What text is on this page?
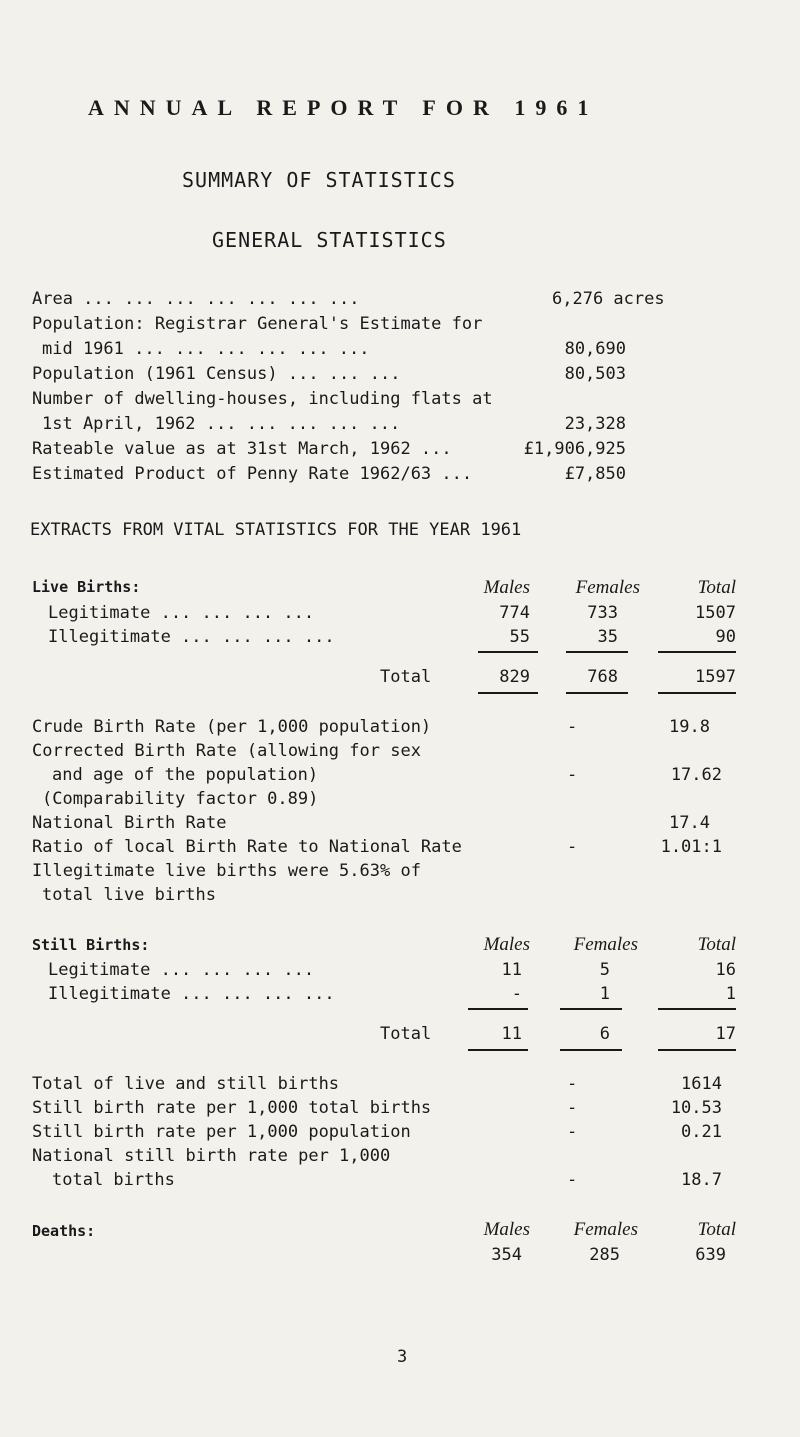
ANNUAL REPORT FOR 1961
SUMMARY OF STATISTICS
GENERAL STATISTICS
Area ... ... ... ... ... ... ...	6,276 acres
Population: Registrar General's Estimate for
mid 1961 ... ... ... ... ... ...	80,690
Population (1961 Census) ... ... ...	80,503
Number of dwelling-houses, including flats at
1st April, 1962 ... ... ... ... ...	23,328
Rateable value as at 31st March, 1962 ...	£1,906,925
Estimated Product of Penny Rate 1962/63 ...	£7,850
EXTRACTS FROM VITAL STATISTICS FOR THE YEAR 1961
Live Births:	Males	Females	Total
Legitimate ... ... ... ...	774	733	1507
Illegitimate ... ... ... ...	55	35	90
Total	829	768	1597
Crude Birth Rate (per 1,000 population)	-	19.8
Corrected Birth Rate (allowing for sex
and age of the population)	-	17.62
(Comparability factor 0.89)
National Birth Rate	17.4
Ratio of local Birth Rate to National Rate	-	1.01:1
Illegitimate live births were 5.63% of
total live births
Still Births:	Males	Females	Total
Legitimate ... ... ... ...	11	5	16
Illegitimate ... ... ... ...	-	1	1
Total	11	6	17
Total of live and still births	-	1614
Still birth rate per 1,000 total births	-	10.53
Still birth rate per 1,000 population	-	0.21
National still birth rate per 1,000
total births	-	18.7
Deaths:	Males	Females	Total
354	285	639
3
